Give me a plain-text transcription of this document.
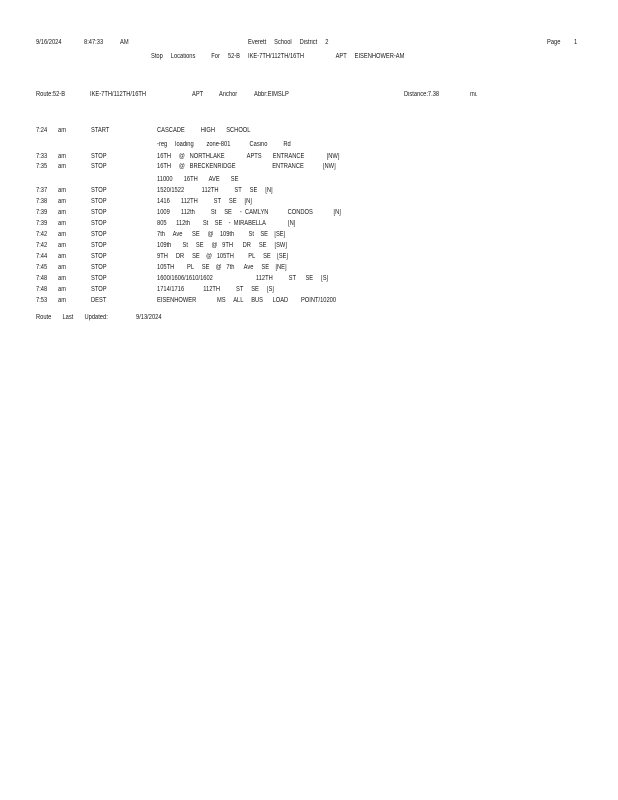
9/16/2024	8:47:33 AM	Everett     School     District     2	Page 1
Stop     Locations          For     52-B     IKE-7TH/112TH/16TH                    APT     EISENHOWER-AM
Route:52-B	IKE-7TH/112TH/16TH	APT Anchor Abbr:EIMSLP	Distance:7.38	mi.
7:24 am	START	CASCADE          HIGH       SCHOOL
-reg     loading        zone-801            Casino          Rd
7:33 am	STOP	16TH     @   NORTHLAKE              APTS       ENTRANCE              [NW]
7:35 am	STOP	16TH     @   BRECKENRIDGE                       ENTRANCE            [NW]
11000       16TH       AVE       SE
7:37 am	STOP	1520/1522           112TH          ST     SE     [N]
7:38 am	STOP	1416       112TH          ST     SE     [N]
7:39 am	STOP	1009       112th          St     SE     -  CAMLYN            CONDOS             [N]
7:39 am	STOP	805      112th        St    SE    -  MIRABELLA              [N]
7:42 am	STOP	7th     Ave      SE     @    109th         St    SE    [SE]
7:42 am	STOP	109th       St     SE     @   9TH      DR     SE     [SW]
7:44 am	STOP	9TH     DR     SE    @   105TH         PL     SE    [SE]
7:45 am	STOP	105TH        PL     SE    @   7th      Ave     SE    [NE]
7:48 am	STOP	1600/1606/1610/1602                           112TH          ST      SE     [S]
7:48 am	STOP	1714/1716            112TH          ST     SE     [S]
7:53 am	DEST	EISENHOWER             MS     ALL     BUS      LOAD        POINT/10200
Route       Last       Updated:	9/13/2024
